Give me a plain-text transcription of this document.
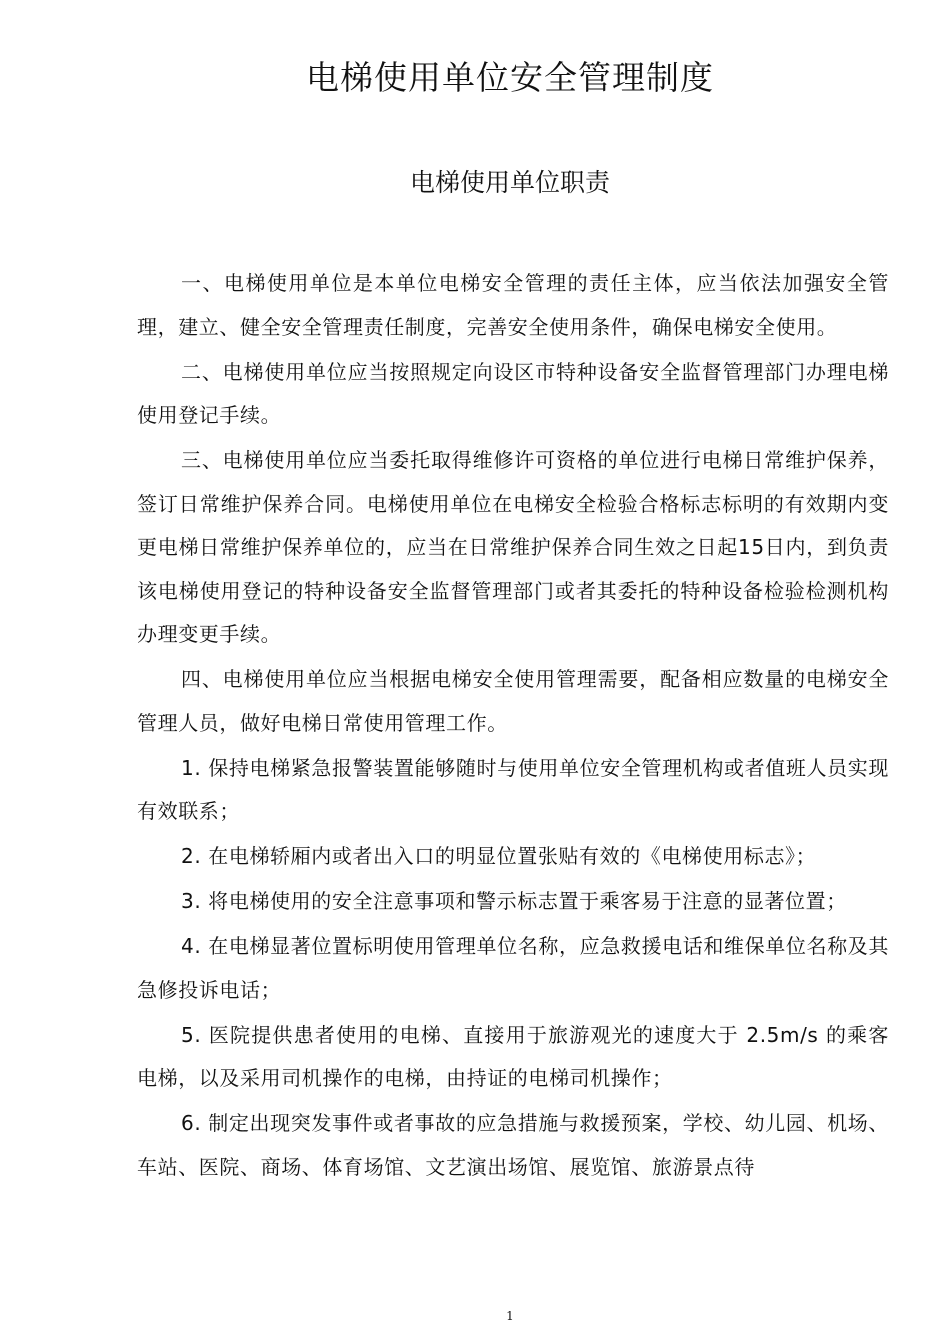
电梯使用单位安全管理制度
电梯使用单位职责

一、电梯使用单位是本单位电梯安全管理的责任主体，应当依法加强安全管理，建立、健全安全管理责任制度，完善安全使用条件，确保电梯安全使用。

二、电梯使用单位应当按照规定向设区市特种设备安全监督管理部门办理电梯使用登记手续。

三、电梯使用单位应当委托取得维修许可资格的单位进行电梯日常维护保养，签订日常维护保养合同。电梯使用单位在电梯安全检验合格标志标明的有效期内变更电梯日常维护保养单位的，应当在日常维护保养合同生效之日起15日内，到负责该电梯使用登记的特种设备安全监督管理部门或者其委托的特种设备检验检测机构办理变更手续。

四、电梯使用单位应当根据电梯安全使用管理需要，配备相应数量的电梯安全管理人员，做好电梯日常使用管理工作。

1. 保持电梯紧急报警装置能够随时与使用单位安全管理机构或者值班人员实现有效联系；

2. 在电梯轿厢内或者出入口的明显位置张贴有效的《电梯使用标志》；

3. 将电梯使用的安全注意事项和警示标志置于乘客易于注意的显著位置；

4. 在电梯显著位置标明使用管理单位名称，应急救援电话和维保单位名称及其急修投诉电话；

5. 医院提供患者使用的电梯、直接用于旅游观光的速度大于 2.5m/s 的乘客电梯，以及采用司机操作的电梯，由持证的电梯司机操作；

6. 制定出现突发事件或者事故的应急措施与救援预案，学校、幼儿园、机场、车站、医院、商场、体育场馆、文艺演出场馆、展览馆、旅游景点待

1
